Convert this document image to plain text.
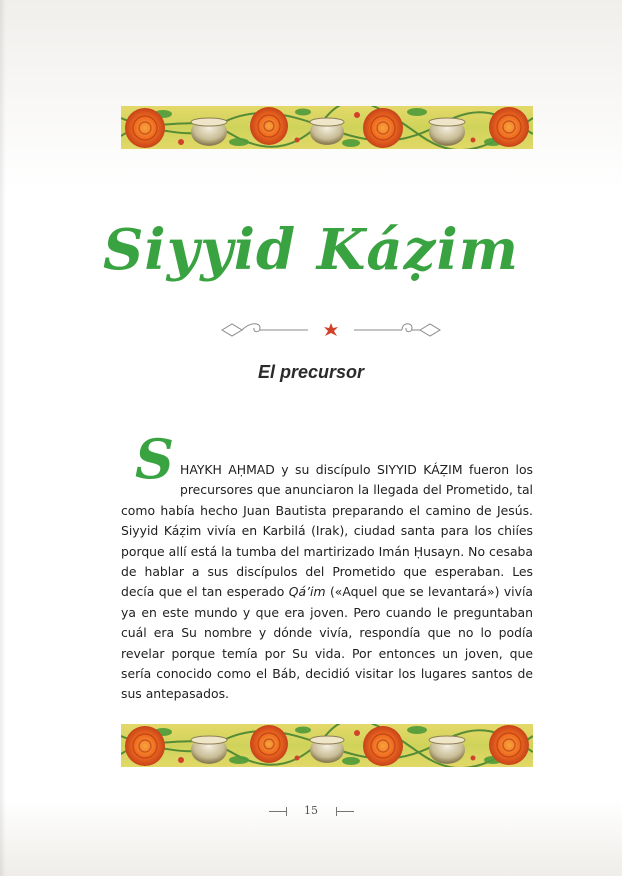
Siyyid Káẓim
El precursor
S HAYKH AḤMAD y su discípulo SIYYID KÁẒIM fueron los precursores que anunciaron la llegada del Prometido, tal como había hecho Juan Bautista preparando el camino de Jesús. Siyyid Káẓim vivía en Karbilá (Irak), ciudad santa para los chiíes porque allí está la tumba del martirizado Imán Ḥusayn. No cesaba de hablar a sus discípulos del Prometido que esperaban. Les decía que el tan esperado Qá’im («Aquel que se levantará») vivía ya en este mundo y que era joven. Pero cuando le preguntaban cuál era Su nombre y dónde vivía, respondía que no lo podía revelar porque temía por Su vida. Por entonces un joven, que sería conocido como el Báb, decidió visitar los lugares santos de sus antepasados.
15
